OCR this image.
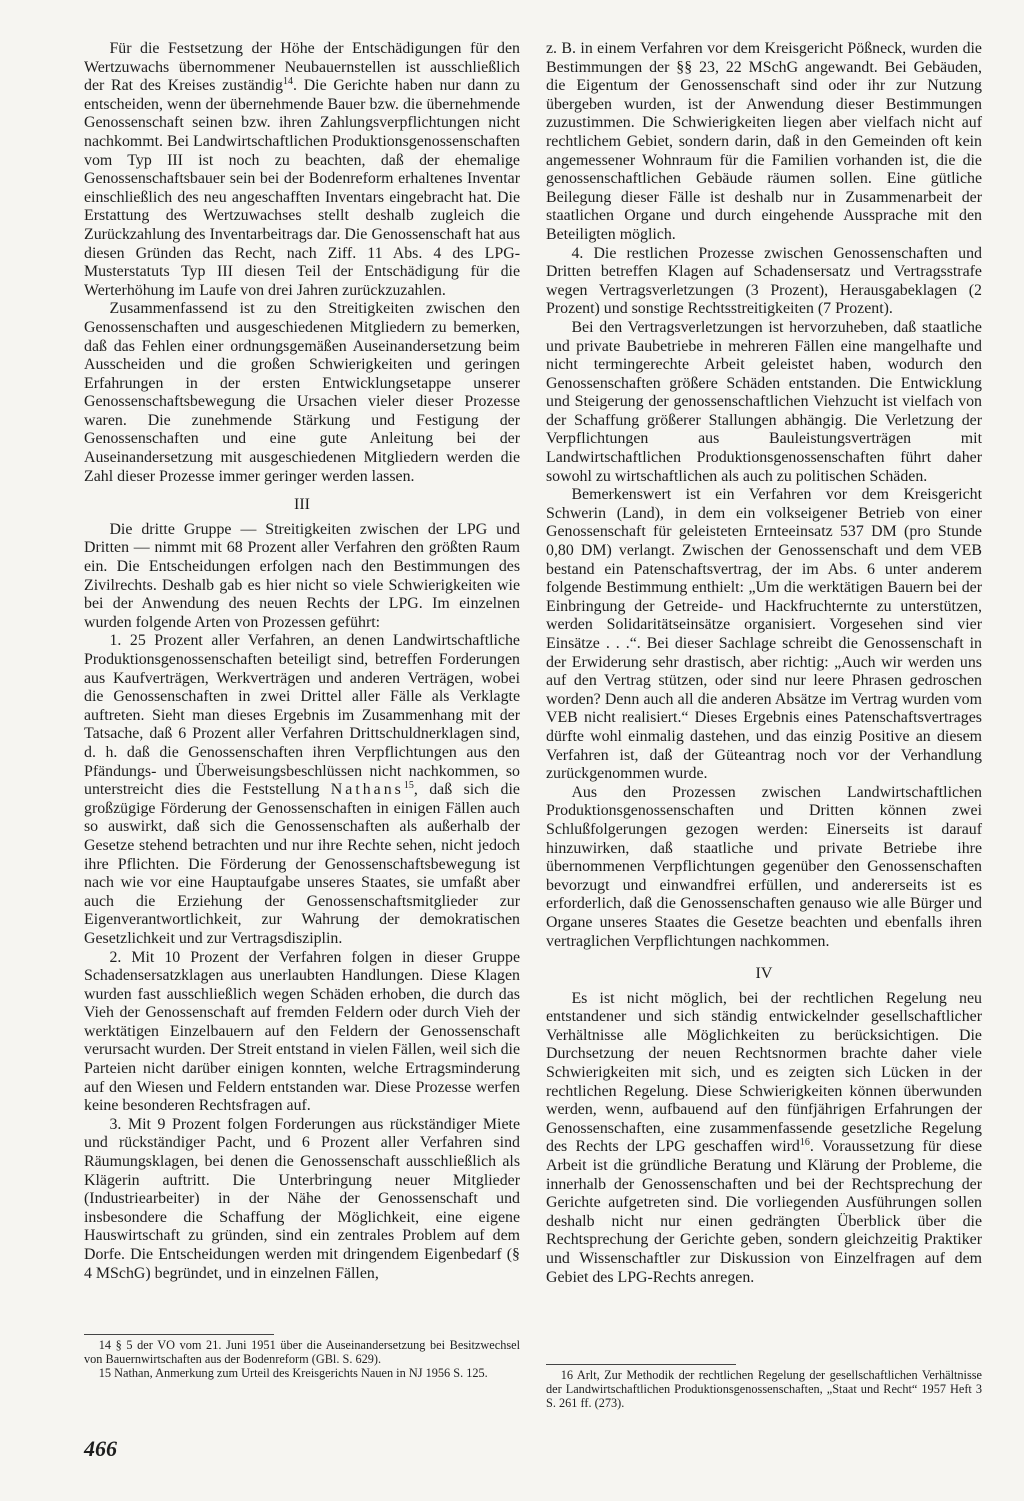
Für die Festsetzung der Höhe der Entschädigungen für den Wertzuwachs übernommener Neubauernstellen ist ausschließlich der Rat des Kreises zuständig$^{14}$. Die Gerichte haben nur dann zu entscheiden, wenn der übernehmende Bauer bzw. die übernehmende Genossenschaft seinen bzw. ihren Zahlungsverpflichtungen nicht nachkommt. Bei Landwirtschaftlichen Produktionsgenossenschaften vom Typ III ist noch zu beachten, daß der ehemalige Genossenschaftsbauer sein bei der Bodenreform erhaltenes Inventar einschließlich des neu angeschafften Inventars eingebracht hat. Die Erstattung des Wertzuwachses stellt deshalb zugleich die Zurückzahlung des Inventarbeitrags dar. Die Genossenschaft hat aus diesen Gründen das Recht, nach Ziff. 11 Abs. 4 des LPG-Musterstatuts Typ III diesen Teil der Entschädigung für die Werterhöhung im Laufe von drei Jahren zurückzuzahlen.

Zusammenfassend ist zu den Streitigkeiten zwischen den Genossenschaften und ausgeschiedenen Mitgliedern zu bemerken, daß das Fehlen einer ordnungsgemäßen Auseinandersetzung beim Ausscheiden und die großen Schwierigkeiten und geringen Erfahrungen in der ersten Entwicklungsetappe unserer Genossenschaftsbewegung die Ursachen vieler dieser Prozesse waren. Die zunehmende Stärkung und Festigung der Genossenschaften und eine gute Anleitung bei der Auseinandersetzung mit ausgeschiedenen Mitgliedern werden die Zahl dieser Prozesse immer geringer werden lassen.

III

Die dritte Gruppe — Streitigkeiten zwischen der LPG und Dritten — nimmt mit 68 Prozent aller Verfahren den größten Raum ein. Die Entscheidungen erfolgen nach den Bestimmungen des Zivilrechts. Deshalb gab es hier nicht so viele Schwierigkeiten wie bei der Anwendung des neuen Rechts der LPG. Im einzelnen wurden folgende Arten von Prozessen geführt:

1. 25 Prozent aller Verfahren, an denen Landwirtschaftliche Produktionsgenossenschaften beteiligt sind, betreffen Forderungen aus Kaufverträgen, Werkverträgen und anderen Verträgen, wobei die Genossenschaften in zwei Drittel aller Fälle als Verklagte auftreten. Sieht man dieses Ergebnis im Zusammenhang mit der Tatsache, daß 6 Prozent aller Verfahren Drittschuldnerklagen sind, d. h. daß die Genossenschaften ihren Verpflichtungen aus den Pfändungs- und Überweisungsbeschlüssen nicht nachkommen, so unterstreicht dies die Feststellung Nathans$^{15}$, daß sich die großzügige Förderung der Genossenschaften in einigen Fällen auch so auswirkt, daß sich die Genossenschaften als außerhalb der Gesetze stehend betrachten und nur ihre Rechte sehen, nicht jedoch ihre Pflichten. Die Förderung der Genossenschaftsbewegung ist nach wie vor eine Hauptaufgabe unseres Staates, sie umfaßt aber auch die Erziehung der Genossenschaftsmitglieder zur Eigenverantwortlichkeit, zur Wahrung der demokratischen Gesetzlichkeit und zur Vertragsdisziplin.

2. Mit 10 Prozent der Verfahren folgen in dieser Gruppe Schadensersatzklagen aus unerlaubten Handlungen. Diese Klagen wurden fast ausschließlich wegen Schäden erhoben, die durch das Vieh der Genossenschaft auf fremden Feldern oder durch Vieh der werktätigen Einzelbauern auf den Feldern der Genossenschaft verursacht wurden. Der Streit entstand in vielen Fällen, weil sich die Parteien nicht darüber einigen konnten, welche Ertragsminderung auf den Wiesen und Feldern entstanden war. Diese Prozesse werfen keine besonderen Rechtsfragen auf.

3. Mit 9 Prozent folgen Forderungen aus rückständiger Miete und rückständiger Pacht, und 6 Prozent aller Verfahren sind Räumungsklagen, bei denen die Genossenschaft ausschließlich als Klägerin auftritt. Die Unterbringung neuer Mitglieder (Industriearbeiter) in der Nähe der Genossenschaft und insbesondere die Schaffung der Möglichkeit, eine eigene Hauswirtschaft zu gründen, sind ein zentrales Problem auf dem Dorfe. Die Entscheidungen werden mit dringendem Eigenbedarf (§ 4 MSchG) begründet, und in einzelnen Fällen,

14 § 5 der VO vom 21. Juni 1951 über die Auseinandersetzung bei Besitzwechsel von Bauernwirtschaften aus der Bodenreform (GBl. S. 629).

15 Nathan, Anmerkung zum Urteil des Kreisgerichts Nauen in NJ 1956 S. 125.

z. B. in einem Verfahren vor dem Kreisgericht Pößneck, wurden die Bestimmungen der §§ 23, 22 MSchG angewandt. Bei Gebäuden, die Eigentum der Genossenschaft sind oder ihr zur Nutzung übergeben wurden, ist der Anwendung dieser Bestimmungen zuzustimmen. Die Schwierigkeiten liegen aber vielfach nicht auf rechtlichem Gebiet, sondern darin, daß in den Gemeinden oft kein angemessener Wohnraum für die Familien vorhanden ist, die die genossenschaftlichen Gebäude räumen sollen. Eine gütliche Beilegung dieser Fälle ist deshalb nur in Zusammenarbeit der staatlichen Organe und durch eingehende Aussprache mit den Beteiligten möglich.

4. Die restlichen Prozesse zwischen Genossenschaften und Dritten betreffen Klagen auf Schadensersatz und Vertragsstrafe wegen Vertragsverletzungen (3 Prozent), Herausgabeklagen (2 Prozent) und sonstige Rechtsstreitigkeiten (7 Prozent).

Bei den Vertragsverletzungen ist hervorzuheben, daß staatliche und private Baubetriebe in mehreren Fällen eine mangelhafte und nicht termingerechte Arbeit geleistet haben, wodurch den Genossenschaften größere Schäden entstanden. Die Entwicklung und Steigerung der genossenschaftlichen Viehzucht ist vielfach von der Schaffung größerer Stallungen abhängig. Die Verletzung der Verpflichtungen aus Bauleistungsverträgen mit Landwirtschaftlichen Produktionsgenossenschaften führt daher sowohl zu wirtschaftlichen als auch zu politischen Schäden.

Bemerkenswert ist ein Verfahren vor dem Kreisgericht Schwerin (Land), in dem ein volkseigener Betrieb von einer Genossenschaft für geleisteten Ernteeinsatz 537 DM (pro Stunde 0,80 DM) verlangt. Zwischen der Genossenschaft und dem VEB bestand ein Patenschaftsvertrag, der im Abs. 6 unter anderem folgende Bestimmung enthielt: „Um die werktätigen Bauern bei der Einbringung der Getreide- und Hackfruchternte zu unterstützen, werden Solidaritätseinsätze organisiert. Vorgesehen sind vier Einsätze . . .“. Bei dieser Sachlage schreibt die Genossenschaft in der Erwiderung sehr drastisch, aber richtig: „Auch wir werden uns auf den Vertrag stützen, oder sind nur leere Phrasen gedroschen worden? Denn auch all die anderen Absätze im Vertrag wurden vom VEB nicht realisiert.“ Dieses Ergebnis eines Patenschaftsvertrages dürfte wohl einmalig dastehen, und das einzig Positive an diesem Verfahren ist, daß der Güteantrag noch vor der Verhandlung zurückgenommen wurde.

Aus den Prozessen zwischen Landwirtschaftlichen Produktionsgenossenschaften und Dritten können zwei Schlußfolgerungen gezogen werden: Einerseits ist darauf hinzuwirken, daß staatliche und private Betriebe ihre übernommenen Verpflichtungen gegenüber den Genossenschaften bevorzugt und einwandfrei erfüllen, und andererseits ist es erforderlich, daß die Genossenschaften genauso wie alle Bürger und Organe unseres Staates die Gesetze beachten und ebenfalls ihren vertraglichen Verpflichtungen nachkommen.

IV

Es ist nicht möglich, bei der rechtlichen Regelung neu entstandener und sich ständig entwickelnder gesellschaftlicher Verhältnisse alle Möglichkeiten zu berücksichtigen. Die Durchsetzung der neuen Rechtsnormen brachte daher viele Schwierigkeiten mit sich, und es zeigten sich Lücken in der rechtlichen Regelung. Diese Schwierigkeiten können überwunden werden, wenn, aufbauend auf den fünfjährigen Erfahrungen der Genossenschaften, eine zusammenfassende gesetzliche Regelung des Rechts der LPG geschaffen wird$^{16}$. Voraussetzung für diese Arbeit ist die gründliche Beratung und Klärung der Probleme, die innerhalb der Genossenschaften und bei der Rechtsprechung der Gerichte aufgetreten sind. Die vorliegenden Ausführungen sollen deshalb nicht nur einen gedrängten Überblick über die Rechtsprechung der Gerichte geben, sondern gleichzeitig Praktiker und Wissenschaftler zur Diskussion von Einzelfragen auf dem Gebiet des LPG-Rechts anregen.

16 Arlt, Zur Methodik der rechtlichen Regelung der gesellschaftlichen Verhältnisse der Landwirtschaftlichen Produktionsgenossenschaften, „Staat und Recht“ 1957 Heft 3 S. 261 ff. (273).

466
